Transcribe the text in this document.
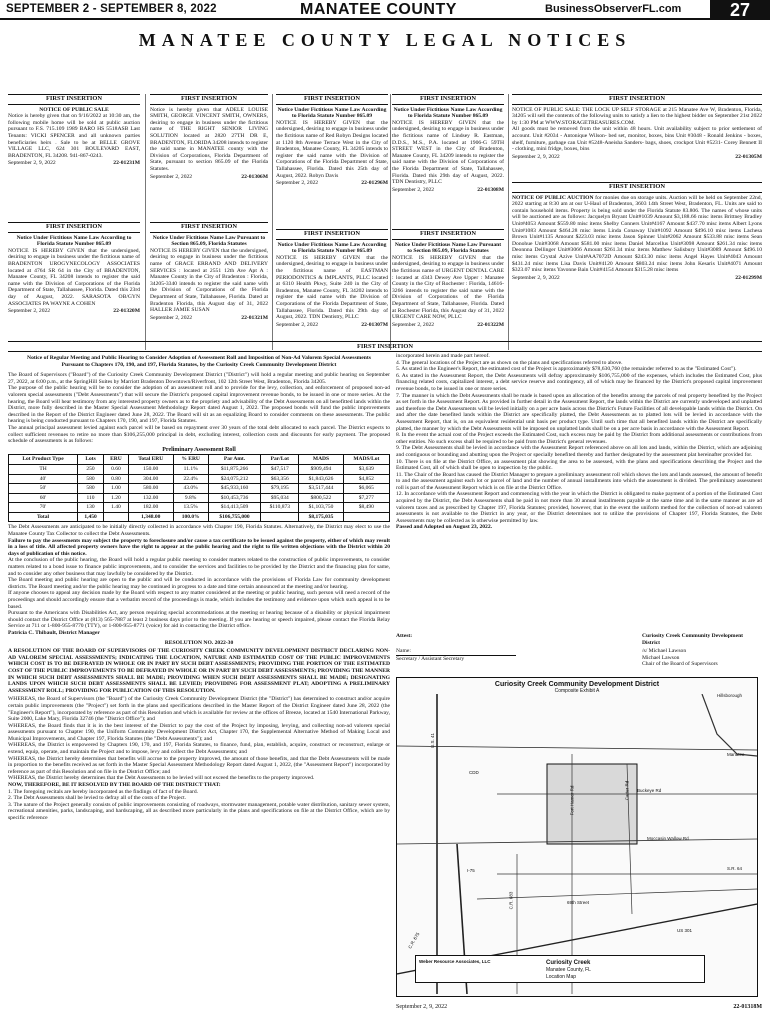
SEPTEMBER 2 - SEPTEMBER 8, 2022	MANATEE COUNTY	BusinessObserverFL.com	27
MANATEE COUNTY LEGAL NOTICES
FIRST INSERTION
NOTICE OF PUBLIC SALE
Notice is hereby given that on 9/16/2022 at 10:30 am, the following mobile home will be sold at public auction pursuant to F.S. 715.109 1989 BARO HS 5518ASB Last Tenants: VICKI SPENCER and all unknown parties beneficiaries heirs . Sale to be at BELLE GROVE VILLAGE LLC, 624 301 BOULEVARD EAST, BRADENTON, FL 34208. 941-867-0243.
September 2, 9, 2022	22-01231M
FIRST INSERTION
Notice is hereby given that ADELE LOUISE SMITH, GEORGE VINCENT SMITH, OWNERS, desiring to engage in business under the fictitious name of THE RIGHT SENIOR LIVING SOLUTION located at 2820 27TH DR E, BRADENTON, FLORIDA 34208 intends to register the said name in MANATEE county with the Division of Corporations, Florida Department of State, pursuant to section 865.09 of the Florida Statutes.
September 2, 2022	22-01306M
FIRST INSERTION
Notice Under Fictitious Name Law According to Florida Statute Number 865.09
NOTICE IS HEREBY GIVEN that the undersigned, desiring to engage in business under the fictitious name of Red Robyn Designs located at 1120 8th Avenue Terrace West in the City of Bradenton, Manatee County, FL 34205 intends to register the said name with the Division of Corporations of the Florida Department of State, Tallahassee, Florida. Dated this 25th day of August, 2022. Robyn Davis
September 2, 2022	22-01296M
FIRST INSERTION
Notice Under Fictitious Name Law According to Florida Statute Number 865.09
NOTICE IS HEREBY GIVEN that the undersigned, desiring to engage in business under the fictitious name of Lindsey R. Eastman, D.D.S., M.S., P.A. located at 1906-G 59TH STREET WEST in the City of Bradenton, Manatee County, FL 34209 intends to register the said name with the Division of Corporations of the Florida Department of State, Tallahassee, Florida. Dated this 29th day of August, 2022. TDN Dentistry, PLLC
September 2, 2022	22-01308M
FIRST INSERTION
NOTICE OF PUBLIC SALE: THE LOCK UP SELF STORAGE at 215 Manatee Ave W, Bradenton, Florida, 34205 will sell the contents of the following units to satisfy a lien to the highest bidder on September 21st 2022 by 1:30 PM at WWW.STORAGETREASURES.COM.
All goods must be removed from the unit within 48 hours. Unit availability subject to prior settlement of account. Unit #2034 - Antonique Wilson- bed set, monitor, boxes, bins Unit #3048 - Ronald Jenkins - boxes, shelf, furniture, garbage can Unit #5248-Aneisha Sanders- bags, shoes, crockpot Unit #5231- Corey Bennett II - clothing, mini fridge, boxes, bins
September 2, 9, 2022	22-01305M
FIRST INSERTION
Notice Under Fictitious Name Law According to Florida Statute Number 865.09
NOTICE IS HEREBY GIVEN that the undersigned, desiring to engage in business under the fictitious name of BRADENTON UROGYNECOLOGY ASSOCIATES located at 4764 SR 64 in the City of BRADENTON, Manatee County, FL 34208 intends to register the said name with the Division of Corporations of the Florida Department of State, Tallahassee, Florida. Dated this 23rd day of August, 2022. SARASOTA OB/GYN ASSOCIATES PA WAYNE A COHEN
September 2, 2022	22-01320M
FIRST INSERTION
Notice Under Fictitious Name Law Pursuant to Section 865.09, Florida Statutes
NOTICE IS HEREBY GIVEN that the undersigned, desiring to engage in business under the fictitious name of GRACE ERRAND AND DELIVERY SERVICES : located at 2551 12th Ave Apt A : Manatee County in the City of Bradenton : Florida, 34205-3340 intends to register the said name with the Division of Corporations of the Florida Department of State, Tallahassee, Florida. Dated at Bradenton Florida, this August day of 31, 2022 HALLER JAMIE SUSAN
September 2, 2022	22-01321M
FIRST INSERTION
Notice Under Fictitious Name Law According to Florida Statute Number 865.09
NOTICE IS HEREBY GIVEN that the undersigned, desiring to engage in business under the fictitious name of EASTMAN PERIODONTICS & IMPLANTS, PLLC located at 6310 Health Pkwy, Suite 240 in the City of Bradenton, Manatee County, FL 34202 intends to register the said name with the Division of Corporations of the Florida Department of State, Tallahassee, Florida. Dated this 29th day of August, 2022. TDN Dentistry, PLLC
September 2, 2022	22-01307M
FIRST INSERTION
Notice Under Fictitious Name Law Pursuant to Section 865.09, Florida Statutes
NOTICE IS HEREBY GIVEN that the undersigned, desiring to engage in business under the fictitious name of URGENT DENTAL CARE : located at 4343 Dewey Ave Upper : Manatee County in the City of Rochester : Florida, 14616-3266 intends to register the said name with the Division of Corporations of the Florida Department of State, Tallahassee, Florida. Dated at Rochester Florida, this August day of 31, 2022 URGENT CARE NOW, PLLC
September 2, 2022	22-01322M
FIRST INSERTION
NOTICE OF PUBLIC AUCTION for monies due on storage units. Auction will be held on September 22nd, 2022 starting at 8:30 am at our U-Haul of Bradenton, 3603 14th Street West, Bradenton, FL. Units are said to contain household items. Property is being sold under the Florida Statute 83.806. The names of whose units will be auctioned are as follows: Jacquelyn Bryant Unit#1039 Amount $3,188.66 misc items Brittney Bradley Unit#4053 Amount $559.80 misc items Shelby Conners Unit#4167 Amount $437.70 misc items Albert Lyons Unit#1083 Amount $464.28 misc items Linda Conaway Unit#1092 Amount $496.10 misc items Lachesa Brown Unit#1135 Amount $223.03 misc items Jason Spinner Unit#2062 Amount $533.88 misc items Sean Donohue Unit#3068 Amount $581.00 misc items Daniel Marcellus Unit#3098 Amount $261.34 misc items Deonnna Dellinger Unit#3066 Amount $261.34 misc items Matthew Salisbury Unit#3089 Amount $496.10 misc items Crystal Azive Unit#AA7072D Amount $243.30 misc items Angel Hayes Unit#4043 Amount $431.24 misc items Lisa Davis Unit#4120 Amount $803.24 misc items John Kesaris Unit#4071 Amount $323.07 misc items Yavonne Bain Unit#4154 Amount $315.28 misc items
September 2, 9, 2022	22-01299M
FIRST INSERTION
Notice of Regular Meeting and Public Hearing to Consider Adoption of Assessment Roll and Imposition of Non-Ad Valorem Special Assessments Pursuant to Chapters 170, 190, and 197, Florida Statutes, by the Curiosity Creek Community Development District

The Board of Supervisors ("Board") of the Curiosity Creek Community Development District ("District") will hold a regular meeting and public hearing on September 27, 2022, at 6:00 p.m., at the SpringHill Suites by Marriott Bradenton Downtown/Riverfront, 102 12th Street West, Bradenton, Florida 34205.

The purpose of the public hearing will be to consider the adoption of an assessment roll and to provide for the levy, collection, and enforcement of proposed non-ad valorem special assessments ("Debt Assessments") that will secure the District's proposed capital improvement revenue bonds, to be issued in one or more series. At the hearing, the Board will hear testimony from any interested property owners as to the propriety and advisability of the Debt Assessments on all benefitted lands within the District, more fully described in the Master Special Assessment Methodology Report dated August 1, 2022. The proposed bonds will fund the public improvements described in the Report of the District Engineer dated June 28, 2022. The Board will sit as an equalizing Board to consider comments on these assessments. The public hearing is being conducted pursuant to Chapters 170, 190, and 197, Florida Statutes.

The annual principal assessment levied against each parcel will be based on repayment over 30 years of the total debt allocated to each parcel. The District expects to collect sufficient revenues to retire no more than $106,255,000 principal in debt, excluding interest, collection costs and discounts for early payment. The proposed schedule of assessments is as follows:

Preliminary Assessment Roll
Lot Product Type	Lots	ERU	Total ERU	% ERU	Par Amt.	Par/Lot	MADS	MADS/Lot
TH	250	0.60	150.00	11.1%	$11,875,266	$47,517	$909,494	$3,639
40'	580	0.80	304.00	22.4%	$24,075,212	$63,356	$1,843,626	$4,852
50'	580	1.00	580.00	43.0%	$45,933,160	$79,195	$3,517,444	$6,065
60'	110	1.20	132.00	9.8%	$10,453,736	$95,034	$800,522	$7,277
70'	130	1.40	182.00	13.5%	$14,413,509	$110,873	$1,103,750	$8,490
Total	1,450		1,348.00	100.0%	$106,755,000		$8,175,035	

The Debt Assessments are anticipated to be initially directly collected in accordance with Chapter 190, Florida Statutes. Alternatively, the District may elect to use the Manatee County Tax Collector to collect the Debt Assessments.

Failure to pay the assessments may subject the property to foreclosure and/or cause a tax certificate to be issued against the property, either of which may result in a loss of title. All affected property owners have the right to appear at the public hearing and the right to file written objections with the District within 20 days of publication of this notice.

At the conclusion of the public hearing, the Board will hold a regular public meeting to consider matters related to the construction of public improvements, to consider matters related to a bond issue to finance public improvements, and to consider the services and facilities to be provided by the District and the financing plan for same, and to consider any other business that may lawfully be considered by the District.

The Board meeting and public hearing are open to the public and will be conducted in accordance with the provisions of Florida Law for community development districts. The Board meeting and/or the public hearing may be continued in progress to a date and time certain announced at the meeting and/or hearing.

If anyone chooses to appeal any decision made by the Board with respect to any matter considered at the meeting or public hearing, such person will need a record of the proceedings and should accordingly ensure that a verbatim record of the proceedings is made, which includes the testimony and evidence upon which such appeal is to be based.

Pursuant to the Americans with Disabilities Act, any person requiring special accommodations at the meeting or hearing because of a disability or physical impairment should contact the District Office at (813) 565-7887 at least 2 business days prior to the meeting. If you are hearing or speech impaired, please contact the Florida Relay Service at 711 or 1-800-955-8770 (TTY), or 1-800-955-8771 (voice) for aid in contacting the District office.

Patricia C. Thibault, District Manager

RESOLUTION NO. 2022-30

A RESOLUTION OF THE BOARD OF SUPERVISORS OF THE CURIOSITY CREEK COMMUNITY DEVELOPMENT DISTRICT DECLARING NON-AD VALOREM SPECIAL ASSESSMENTS; INDICATING THE LOCATION, NATURE AND ESTIMATED COST OF THE PUBLIC IMPROVEMENTS WHICH COST IS TO BE DEFRAYED IN WHOLE OR IN PART BY SUCH DEBT ASSESSMENTS; PROVIDING THE PORTION OF THE ESTIMATED COST OF THE PUBLIC IMPROVEMENTS TO BE DEFRAYED IN WHOLE OR IN PART BY SUCH DEBT ASSESSMENTS; PROVIDING THE MANNER IN WHICH SUCH DEBT ASSESSMENTS SHALL BE MADE; PROVIDING WHEN SUCH DEBT ASSESSMENTS SHALL BE MADE; DESIGNATING LANDS UPON WHICH SUCH DEBT ASSESSMENTS SHALL BE LEVIED; PROVIDING FOR ASSESSMENT PLAT; ADOPTING A PRELIMINARY ASSESSMENT ROLL; PROVIDING FOR PUBLICATION OF THIS RESOLUTION.

WHEREAS, the Board of Supervisors (the "Board") of the Curiosity Creek Community Development District (the "District") has determined to construct and/or acquire certain public improvements (the "Project") set forth in the plans and specifications described in the Master Report of the District Engineer dated June 28, 2022 (the "Engineer's Report"), incorporated by reference as part of this Resolution and which is available for review at the offices of Breeze, located at 1540 International Parkway, Suite 2000, Lake Mary, Florida 32746 (the "District Office"); and

WHEREAS, the Board finds that it is in the best interest of the District to pay the cost of the Project by imposing, levying, and collecting non-ad valorem special assessments pursuant to Chapter 190, the Uniform Community Development District Act, Chapter 170, the Supplemental Alternative Method of Making Local and Municipal Improvements, and Chapter 197, Florida Statutes (the "Debt Assessments"); and

WHEREAS, the District is empowered by Chapters 190, 170, and 197, Florida Statutes, to finance, fund, plan, establish, acquire, construct or reconstruct, enlarge or extend, equip, operate, and maintain the Project and to impose, levy and collect the Debt Assessments; and

WHEREAS, the District hereby determines that benefits will accrue to the property improved, the amount of those benefits, and that the Debt Assessments will be made in proportion to the benefits received as set forth in the Master Special Assessment Methodology Report dated August 1, 2022, (the "Assessment Report") incorporated by reference as part of this Resolution and on file in the District Office; and

WHEREAS, the District hereby determines that the Debt Assessments to be levied will not exceed the benefits to the property improved.

NOW, THEREFORE, BE IT RESOLVED BY THE BOARD OF THE DISTRICT THAT:

1. The foregoing recitals are hereby incorporated as the findings of fact of the Board.

2. The Debt Assessments shall be levied to defray all of the costs of the Project.

3. The nature of the Project generally consists of public improvements consisting of roadways, stormwater management, potable water distribution, sanitary sewer system, recreational amenities, parks, landscaping, and hardscaping, all as described more particularly in the plans and specifications on file at the District Office, which are by specific reference

incorporated herein and made part hereof.

4. The general locations of the Project are as shown on the plans and specifications referred to above.

5. As stated in the Engineer's Report, the estimated cost of the Project is approximately $78,630,760 (the remainder referred to as the "Estimated Cost").

6. As stated in the Assessment Report, the Debt Assessments will defray approximately $106,755,000 of the expenses, which includes the Estimated Cost, plus financing related costs, capitalized interest, a debt service reserve and contingency, all of which may be financed by the District's proposed capital improvement revenue bonds, to be issued in one or more series.

7. The manner in which the Debt Assessments shall be made is based upon an allocation of the benefits among the parcels of real property benefited by the Project as set forth in the Assessment Report. As provided in further detail in the Assessment Report, the lands within the District are currently undeveloped and unplatted and therefore the Debt Assessments will be levied initially on a per acre basis across the District's Future Facilities of all developable lands within the District. On and after the date benefited lands within the District are specifically platted, the Debt Assessments as to platted lots will be levied in accordance with the Assessment Report, that is, on an equivalent residential unit basis per product type. Until such time that all benefited lands within the District are specifically platted, the manner by which the Debt Assessments will be imposed on unplatted lands shall be on a per acre basis in accordance with the Assessment Report.

8. In the event the actual cost of the Project exceeds the Estimated Cost, such excess may be paid by the District from additional assessments or contributions from other entities. No such excess shall be required to be paid from the District's general revenues.

9. The Debt Assessments shall be levied in accordance with the Assessment Report referenced above on all lots and lands, within the District, which are adjoining and contiguous or bounding and abutting upon the Project or specially benefited thereby and further designated by the assessment plat hereinafter provided for.

10. There is on file at the District Office, an assessment plat showing the area to be assessed, with the plans and specifications describing the Project and the Estimated Cost, all of which shall be open to inspection by the public.

11. The Chair of the Board has caused the District Manager to prepare a preliminary assessment roll which shows the lots and lands assessed, the amount of benefit to and the assessment against each lot or parcel of land and the number of annual installments into which the assessment is divided. The preliminary assessment roll is part of the Assessment Report which is on file at the District Office.

12. In accordance with the Assessment Report and commencing with the year in which the District is obligated to make payment of a portion of the Estimated Cost acquired by the District, the Debt Assessments shall be paid in not more than 30 annual installments payable at the same time and in the same manner as are ad valorem taxes and as prescribed by Chapter 197, Florida Statutes; provided, however, that in the event the uniform method for the collection of non-ad valorem assessments is not available to the District in any year, or the District determines not to utilize the provisions of Chapter 197, Florida Statutes, the Debt Assessments may be collected as is otherwise permitted by law.

Passed and Adopted on August 23, 2022.

Attest:	Curiosity Creek Community Development District
Name:
Secretary / Assistant Secretary
/s/ Michael Lawson
Michael Lawson
Chair of the Board of Supervisors
Curiosity Creek Community Development District
Composite Exhibit A
Hillsborough
Manatee
CDD
Buckeye Rd
Moccasin Wallow Rd
69th Street
U.S. 41
I-75
C.R. 683
Fort Hamer Rd	Carter Rd
S.R. 64
US 301
C.R. 675
Weber Resource Associates, LLC	Curiosity Creek
Manatee County, FL
Location Map
September 2, 9, 2022	22-01318M
